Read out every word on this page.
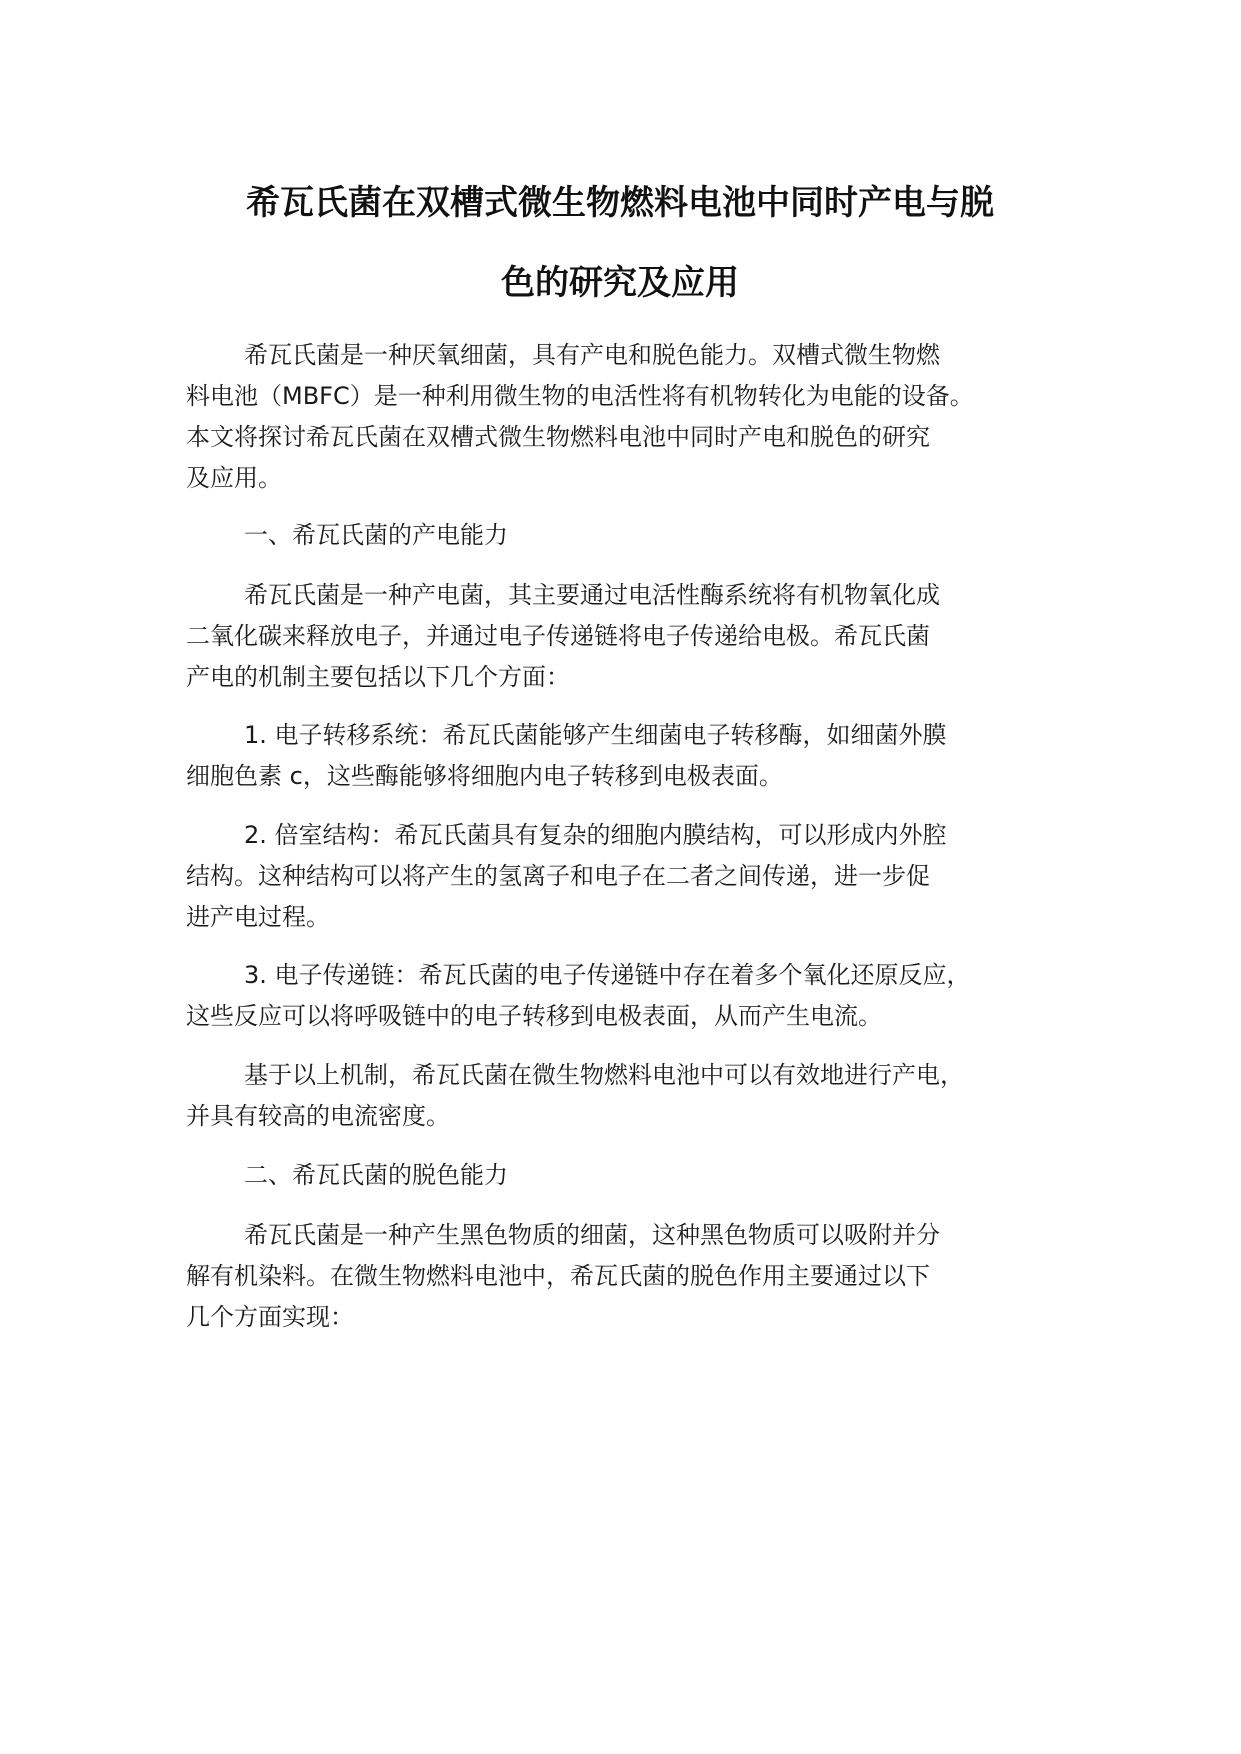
希瓦氏菌在双槽式微生物燃料电池中同时产电与脱
色的研究及应用
希瓦氏菌是一种厌氧细菌，具有产电和脱色能力。双槽式微生物燃
料电池（MBFC）是一种利用微生物的电活性将有机物转化为电能的设备。
本文将探讨希瓦氏菌在双槽式微生物燃料电池中同时产电和脱色的研究
及应用。
一、希瓦氏菌的产电能力
希瓦氏菌是一种产电菌，其主要通过电活性酶系统将有机物氧化成
二氧化碳来释放电子，并通过电子传递链将电子传递给电极。希瓦氏菌
产电的机制主要包括以下几个方面：
1. 电子转移系统：希瓦氏菌能够产生细菌电子转移酶，如细菌外膜
细胞色素 c，这些酶能够将细胞内电子转移到电极表面。
2. 倍室结构：希瓦氏菌具有复杂的细胞内膜结构，可以形成内外腔
结构。这种结构可以将产生的氢离子和电子在二者之间传递，进一步促
进产电过程。
3. 电子传递链：希瓦氏菌的电子传递链中存在着多个氧化还原反应，
这些反应可以将呼吸链中的电子转移到电极表面，从而产生电流。
基于以上机制，希瓦氏菌在微生物燃料电池中可以有效地进行产电，
并具有较高的电流密度。
二、希瓦氏菌的脱色能力
希瓦氏菌是一种产生黑色物质的细菌，这种黑色物质可以吸附并分
解有机染料。在微生物燃料电池中，希瓦氏菌的脱色作用主要通过以下
几个方面实现：
